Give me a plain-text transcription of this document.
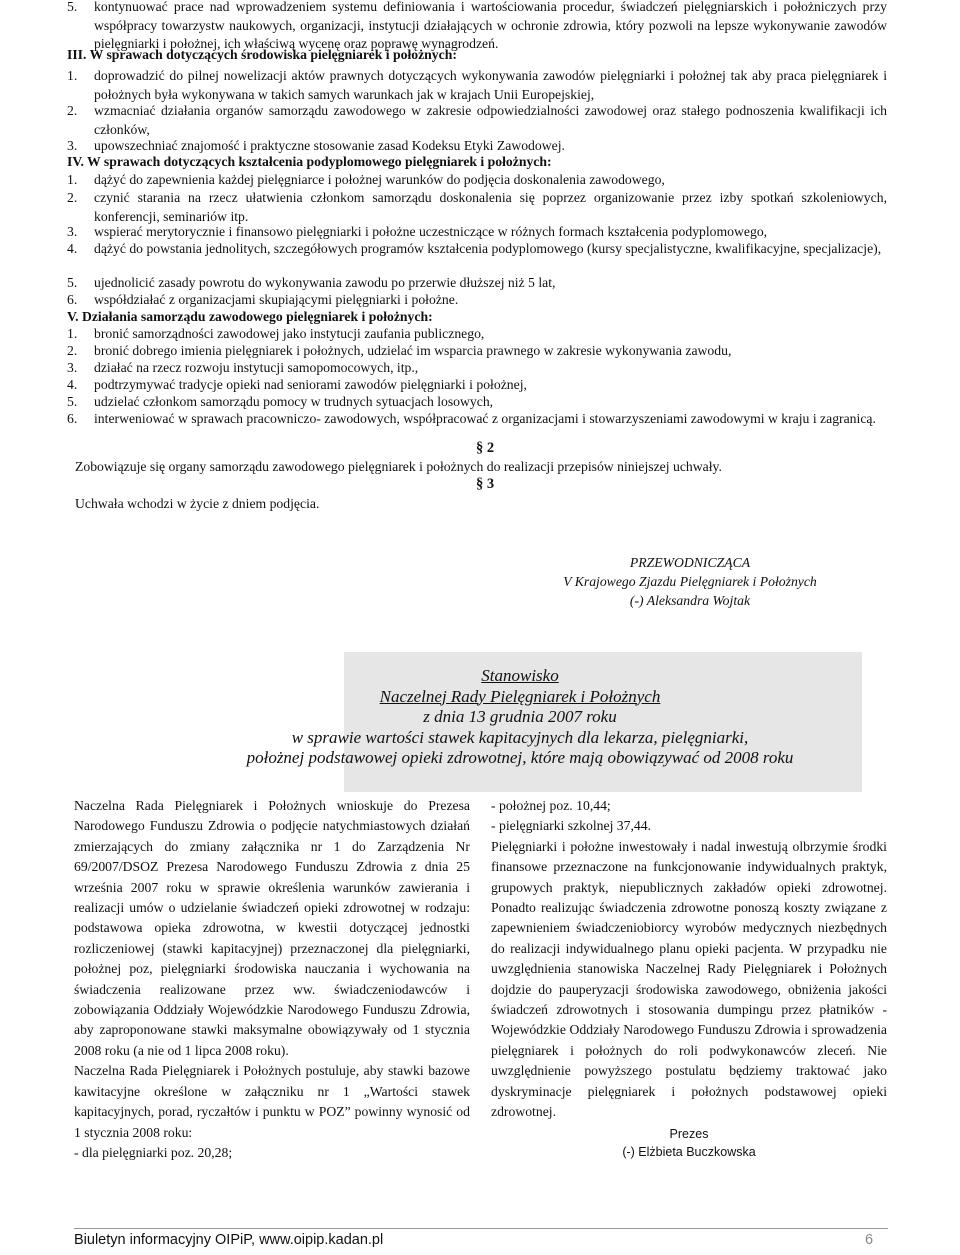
5. kontynuować prace nad wprowadzeniem systemu definiowania i wartościowania procedur, świadczeń pielęgniarskich i położniczych przy współpracy towarzystw naukowych, organizacji, instytucji działających w ochronie zdrowia, który pozwoli na lepsze wykonywanie zawodów pielęgniarki i położnej, ich właściwą wycenę oraz poprawę wynagrodzeń.
III. W sprawach dotyczących środowiska pielęgniarek i położnych:
1. doprowadzić do pilnej nowelizacji aktów prawnych dotyczących wykonywania zawodów pielęgniarki i położnej tak aby praca pielęgniarek i położnych była wykonywana w takich samych warunkach jak w krajach Unii Europejskiej,
2. wzmacniać działania organów samorządu zawodowego w zakresie odpowiedzialności zawodowej oraz stałego podnoszenia kwalifikacji ich członków,
3. upowszechniać znajomość i praktyczne stosowanie zasad Kodeksu Etyki Zawodowej.
IV. W sprawach dotyczących kształcenia podyplomowego pielęgniarek i położnych:
1. dążyć do zapewnienia każdej pielęgniarce i położnej warunków do podjęcia doskonalenia zawodowego,
2. czynić starania na rzecz ułatwienia członkom samorządu doskonalenia się poprzez organizowanie przez izby spotkań szkoleniowych, konferencji, seminariów itp.
3. wspierać merytorycznie i finansowo pielęgniarki i położne uczestniczące w różnych formach kształcenia podyplomowego,
4. dążyć do powstania jednolitych, szczegółowych programów kształcenia podyplomowego (kursy specjalistyczne, kwalifikacyjne, specjalizacje),
5. ujednolicić zasady powrotu do wykonywania zawodu po przerwie dłuższej niż 5 lat,
6. współdziałać z organizacjami skupiającymi pielęgniarki i położne.
V. Działania samorządu zawodowego pielęgniarek i położnych:
1. bronić samorządności zawodowej jako instytucji zaufania publicznego,
2. bronić dobrego imienia pielęgniarek i położnych, udzielać im wsparcia prawnego w zakresie wykonywania zawodu,
3. działać na rzecz rozwoju instytucji samopomocowych, itp.,
4. podtrzymywać tradycje opieki nad seniorami zawodów pielęgniarki i położnej,
5. udzielać członkom samorządu pomocy w trudnych sytuacjach losowych,
6. interweniować w sprawach pracowniczo- zawodowych, współpracować z organizacjami i stowarzyszeniami zawodowymi w kraju i zagranicą.
§ 2
Zobowiązuje się organy samorządu zawodowego pielęgniarek i położnych do realizacji przepisów niniejszej uchwały.
§ 3
Uchwała wchodzi w życie z dniem podjęcia.
PRZEWODNICZĄCA
V Krajowego Zjazdu Pielęgniarek i Położnych
(-) Aleksandra Wojtak
Stanowisko
Naczelnej Rady Pielęgniarek i Położnych
z dnia 13 grudnia 2007 roku
w sprawie wartości stawek kapitacyjnych dla lekarza, pielęgniarki,
położnej podstawowej opieki zdrowotnej, które mają obowiązywać od 2008 roku

Naczelna Rada Pielęgniarek i Położnych wnioskuje do Prezesa Narodowego Funduszu Zdrowia o podjęcie natychmiastowych działań zmierzających do zmiany załącznika nr 1 do Zarządzenia Nr 69/2007/DSOZ Prezesa Narodowego Funduszu Zdrowia z dnia 25 września 2007 roku w sprawie określenia warunków zawierania i realizacji umów o udzielanie świadczeń opieki zdrowotnej w rodzaju: podstawowa opieka zdrowotna, w kwestii dotyczącej jednostki rozliczeniowej (stawki kapitacyjnej) przeznaczonej dla pielęgniarki, położnej poz, pielęgniarki środowiska nauczania i wychowania na świadczenia realizowane przez ww. świadczeniodawców i zobowiązania Oddziały Wojewódzkie Narodowego Funduszu Zdrowia, aby zaproponowane stawki maksymalne obowiązywały od 1 stycznia 2008 roku (a nie od 1 lipca 2008 roku).

Naczelna Rada Pielęgniarek i Położnych postuluje, aby stawki bazowe kawitacyjne określone w załączniku nr 1 „Wartości stawek kapitacyjnych, porad, ryczałtów i punktu w POZ” powinny wynosić od 1 stycznia 2008 roku:

- dla pielęgniarki poz. 20,28;

- położnej poz. 10,44;

- pielęgniarki szkolnej 37,44.

Pielęgniarki i położne inwestowały i nadal inwestują olbrzymie środki finansowe przeznaczone na funkcjonowanie indywidualnych praktyk, grupowych praktyk, niepublicznych zakładów opieki zdrowotnej. Ponadto realizując świadczenia zdrowotne ponoszą koszty związane z zapewnieniem świadczeniobiorcy wyrobów medycznych niezbędnych do realizacji indywidualnego planu opieki pacjenta. W przypadku nie uwzględnienia stanowiska Naczelnej Rady Pielęgniarek i Położnych dojdzie do pauperyzacji środowiska zawodowego, obniżenia jakości świadczeń zdrowotnych i stosowania dumpingu przez płatników - Wojewódzkie Oddziały Narodowego Funduszu Zdrowia i sprowadzenia pielęgniarek i położnych do roli podwykonawców zleceń. Nie uwzględnienie powyższego postulatu będziemy traktować jako dyskryminacje pielęgniarek i położnych podstawowej opieki zdrowotnej.

Prezes
(-) Elżbieta Buczkowska
Biuletyn informacyjny OIPiP, www.oipip.kadan.pl	6
